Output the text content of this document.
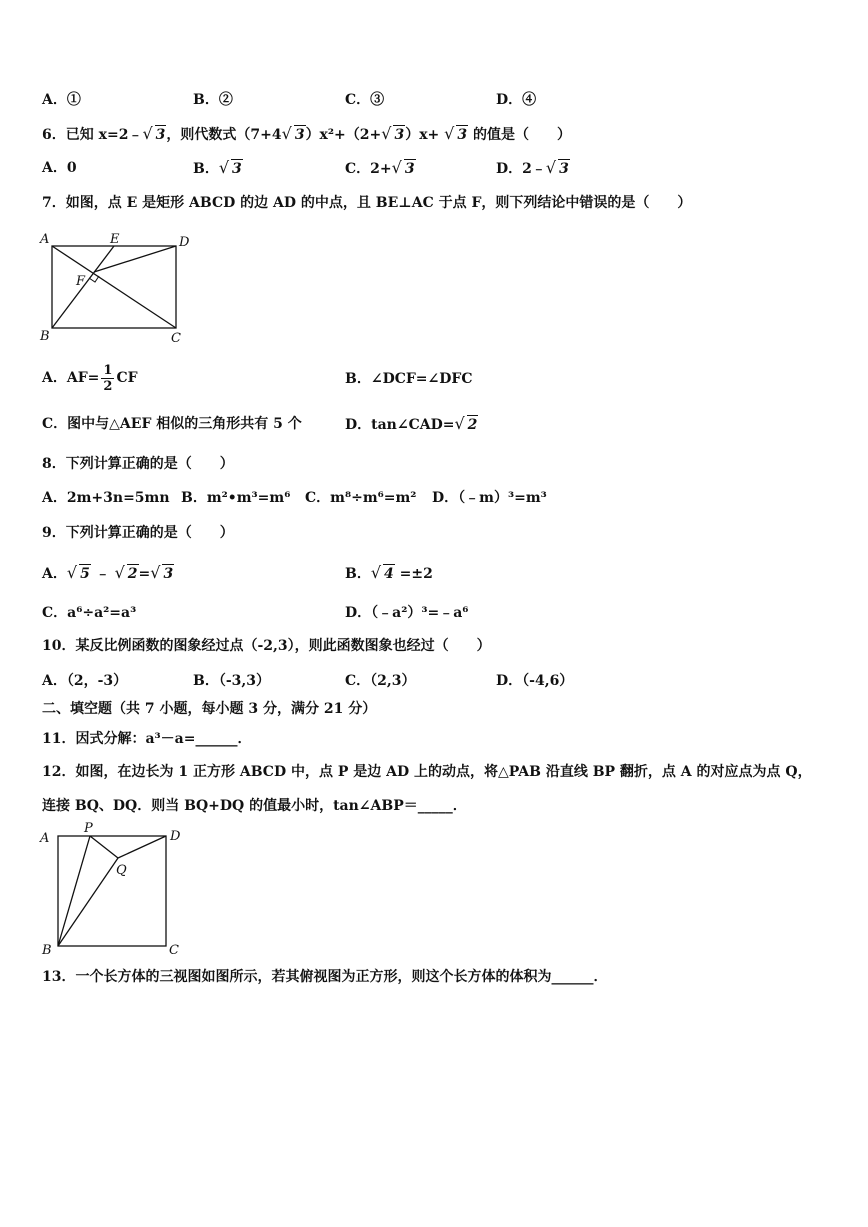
A．①	B．②	C．③	D．④
6．已知 x=2﹣√ 3，则代数式（7+4√ 3）x²+（2+√ 3）x+ √ 3 的值是（　　）
A．0	B．√ 3	C．2+√ 3	D．2﹣√ 3
7．如图，点 E 是矩形 ABCD 的边 AD 的中点，且 BE⊥AC 于点 F，则下列结论中错误的是（　　）
A	E	D
F
B	C
A．$AF= \frac{1}{2}$ CF	B．∠DCF=∠DFC
C．图中与△AEF 相似的三角形共有 5 个	D．tan∠CAD=√ 2
8．下列计算正确的是（　　）
A．2m+3n=5mn B．m²•m³=m⁶ C．m⁸÷m⁶=m² D．（﹣m）³=m³
9．下列计算正确的是（　　）
A．√ 5 ﹣ √ 2=√ 3	B．√ 4 =±2
C．a⁶÷a²=a³	D．（﹣a²）³=﹣a⁶
10．某反比例函数的图象经过点（-2,3），则此函数图象也经过（　　）
A．（2，-3）	B．（-3,3）	C．（2,3）	D．（-4,6）
二、填空题（共 7 小题，每小题 3 分，满分 21 分）
11．因式分解：a³－a=______．
12．如图，在边长为 1 正方形 ABCD 中，点 P 是边 AD 上的动点，将△PAB 沿直线 BP 翻折，点 A 的对应点为点 Q，
连接 BQ、DQ．则当 BQ+DQ 的值最小时，tan∠ABP＝_____．
A
P
D
Q
B	C
13．一个长方体的三视图如图所示，若其俯视图为正方形，则这个长方体的体积为______．
